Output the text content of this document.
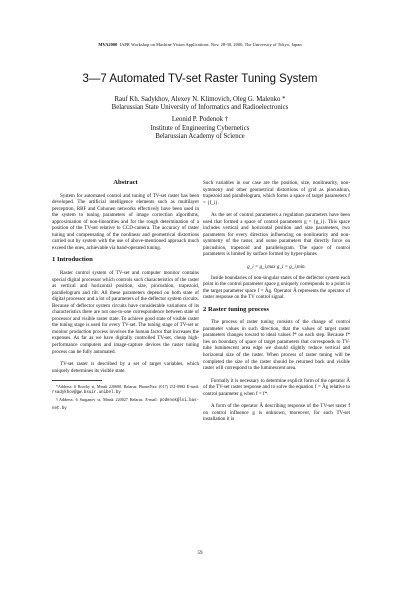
MVA2000 IAPR Workshop on Machine Vision Applications. Nov. 28-30, 2000, The University of Tokyo, Japan
3—7 Automated TV-set Raster Tuning System
Rauf Kh. Sadykhov, Alexey N. Klimovich, Oleg G. Malenko *
Belarussian State University of Informatics and Radioelectronics
Leonid P. Podenok †
Institute of Engineering Cybernetics
Belarussian Academy of Science
Abstract

System for automated control and tuning of TV-set raster has been developed. The artificial intelligence elements such as multilayer perceptron, RBF and Cohonen networks effectively have been used in the system to tuning parameters of image correction algorithms, approximation of non-linearities and for the rough determination of a position of the TV-set relative to CCD-camera. The accuracy of raster tuning and compensating of the nonlinear and geometrical distortions carried out by system with the use of above-mentioned approach much exceed the ones, achievable via hand-operated tuning.

1 Introduction

Raster control system of TV-set and computer monitor contains special digital processor which controls such characteristics of the raster as vertical and horizontal position, size, pincushion, trapezoid, parallelogram and tilt. All these parameters depend on both state of digital processor and a lot of parameters of the deflector system circuits. Because of deflector system circuits have considerable variations of its characteristics there are not one-to-one correspondence between state of processor and visible raster state. To achieve good state of visible raster the tuning stage is used for every TV-set. The tuning stage of TV-set or monitor production process involves the human factor that increases the expenses. As far as we have digitally controlled TV-set, cheap high-performance computers and image-capture devices the raster tuning process can be fully automated.

TV-set raster is described by a set of target variables, which uniquely determines its visible state.

*Address: 6 Brovky st, Minsk 220600, Belarus. Phone/Fax: (017) 231-0982 E-mail: rsadykhov@gw.bsuir.unibel.by
†Address: 6 Surganov st, Minsk 220027 Belarus. E-mail: podenok@lsi.bas-net.by

Such variables in our case are the position, size, nonlinearity, non-symmetry and other geometrical distortions of grid as pincushion, trapezoid and parallelogram, which forms a space of target parameters f = {f_i}.

As the set of control parameters a regulation parameters have been used that formed a space of control parameters g = {g_i}. This space includes vertical and horizontal position and size parameters, two parameters for every direction influencing on nonlinearity and non-symmetry of the raster, and some parameters that directly force on pincushion, trapezoid and parallelogram. The space of control parameters is limited by surface formed by hyper-planes

g_i = g_i,max g_i = g_i,min.

Inside boundaries of non-singular states of the deflector system each point in the control parameter space g uniquely corresponds to a point in the target parameter space f = Âg. Operator Â represents the operator of raster response on the TV control signal.

2 Raster tuning process

The process of raster tuning consists of the change of control parameter values in such direction, that the values of target raster parameters changes toward to ideal values f* on each step. Because f* lies on boundary of space of target parameters that corresponds to TV-tube luminescent area edge we should slightly reduce vertical and horizontal size of the raster. When process of raster tuning will be completed the size of the raster should be returned back and visible raster will correspond to the luminescent area.

Formally it is necessary to determine explicit form of the operator Â of the TV-set raster response and to solve the equation f = Âg relative to control parameter g when f = f*.

A form of the operator Â describing response of the TV-set raster f on control influence g is unknown, moreover, for each TV-set installation it is

59
